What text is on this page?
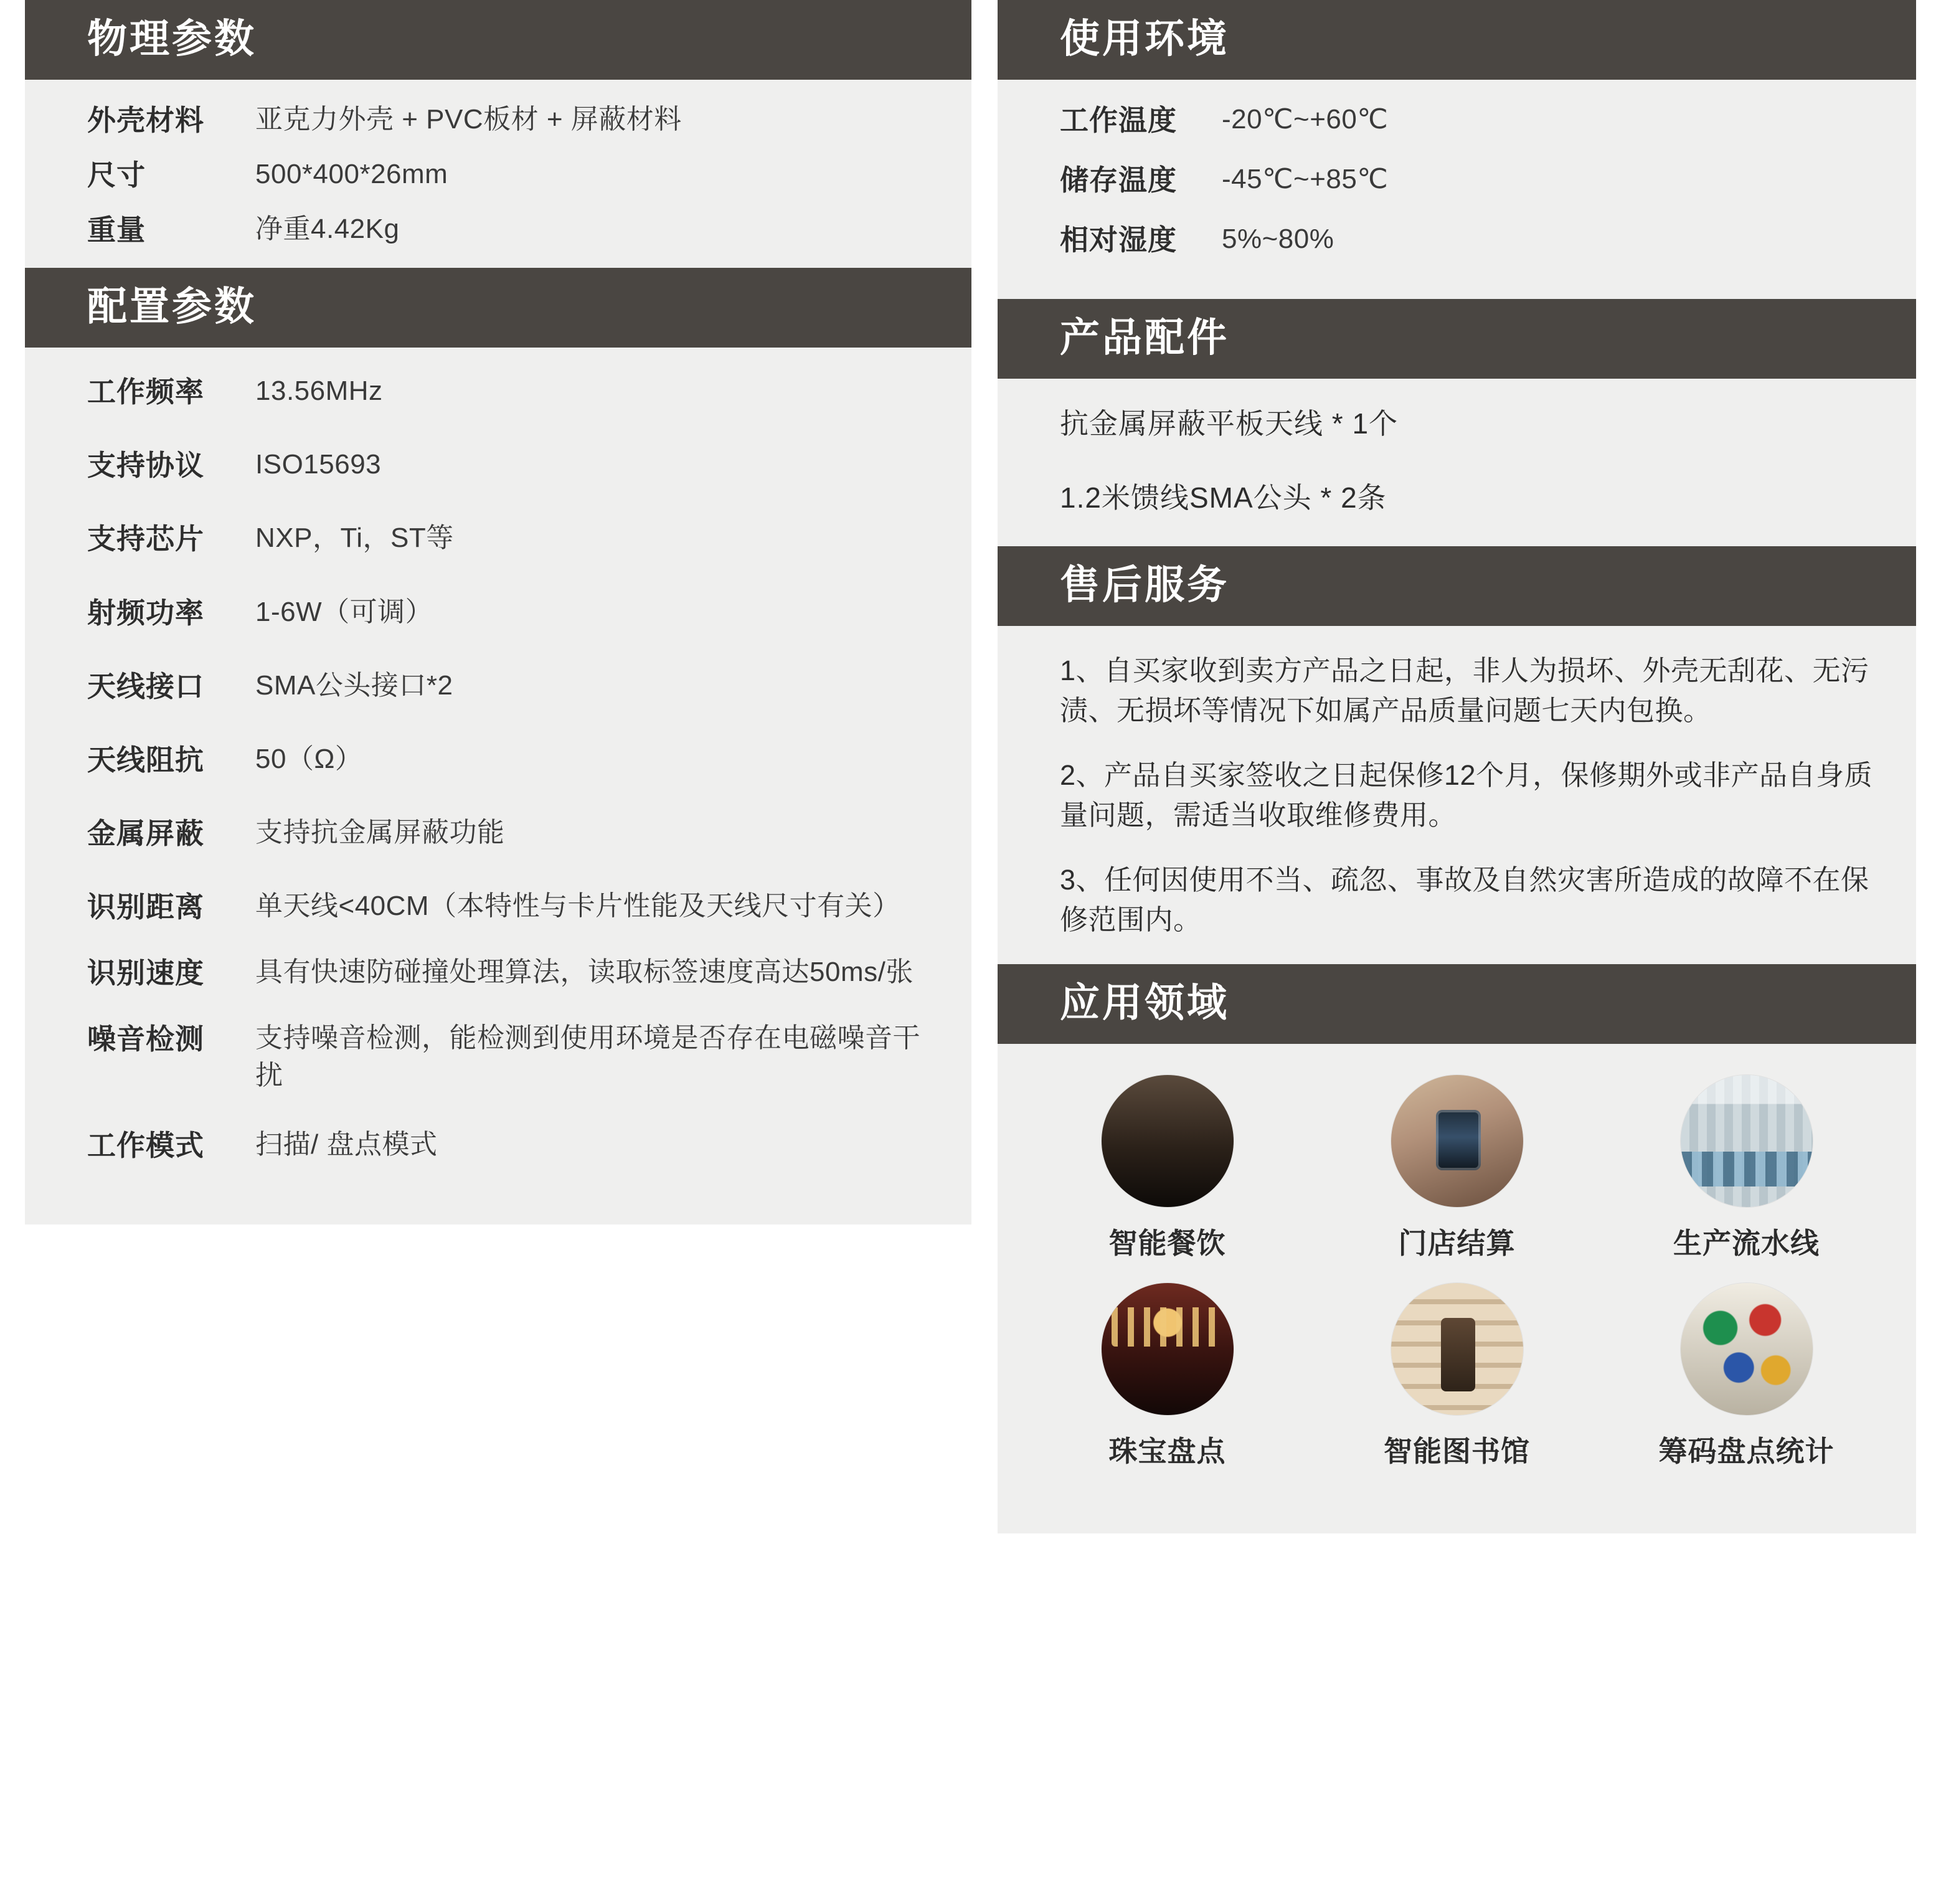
物理参数
外壳材料	亚克力外壳 + PVC板材 + 屏蔽材料
尺寸	500*400*26mm
重量	净重4.42Kg
配置参数
工作频率	13.56MHz
支持协议	ISO15693
支持芯片	NXP，Ti，ST等
射频功率	1-6W（可调）
天线接口	SMA公头接口*2
天线阻抗	50（Ω）
金属屏蔽	支持抗金属屏蔽功能
识别距离	单天线<40CM（本特性与卡片性能及天线尺寸有关）
识别速度	具有快速防碰撞处理算法，读取标签速度高达50ms/张
噪音检测	支持噪音检测，能检测到使用环境是否存在电磁噪音干扰
工作模式	扫描/ 盘点模式
使用环境
工作温度	-20℃~+60℃
储存温度	-45℃~+85℃
相对湿度	5%~80%
产品配件
抗金属屏蔽平板天线 * 1个
1.2米馈线SMA公头 * 2条
售后服务
1、自买家收到卖方产品之日起，非人为损坏、外壳无刮花、无污渍、无损坏等情况下如属产品质量问题七天内包换。
2、产品自买家签收之日起保修12个月，保修期外或非产品自身质量问题，需适当收取维修费用。
3、任何因使用不当、疏忽、事故及自然灾害所造成的故障不在保修范围内。
应用领域
智能餐饮	门店结算	生产流水线
珠宝盘点	智能图书馆	筹码盘点统计
